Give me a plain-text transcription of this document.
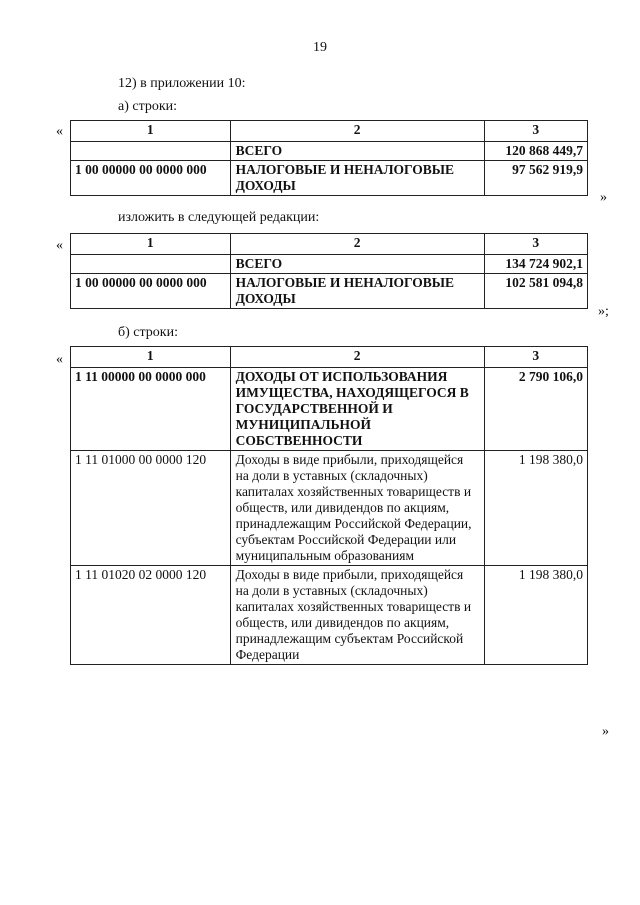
19
12) в приложении 10:
а) строки:
«	1	2	3
	ВСЕГО	120 868 449,7
1 00 00000 00 0000 000	НАЛОГОВЫЕ И НЕНАЛОГОВЫЕ ДОХОДЫ	97 562 919,9
»
изложить в следующей редакции:
«	1	2	3
	ВСЕГО	134 724 902,1
1 00 00000 00 0000 000	НАЛОГОВЫЕ И НЕНАЛОГОВЫЕ ДОХОДЫ	102 581 094,8
»;
б) строки:
«	1	2	3
1 11 00000 00 0000 000	ДОХОДЫ ОТ ИСПОЛЬЗОВАНИЯ ИМУЩЕСТВА, НАХОДЯЩЕГОСЯ В ГОСУДАРСТВЕННОЙ И МУНИЦИПАЛЬНОЙ СОБСТВЕННОСТИ	2 790 106,0
1 11 01000 00 0000 120	Доходы в виде прибыли, приходящейся на доли в уставных (складочных) капиталах хозяйственных товариществ и обществ, или дивидендов по акциям, принадлежащим Российской Федерации, субъектам Российской Федерации или муниципальным образованиям	1 198 380,0
1 11 01020 02 0000 120	Доходы в виде прибыли, приходящейся на доли в уставных (складочных) капиталах хозяйственных товариществ и обществ, или дивидендов по акциям, принадлежащим субъектам Российской Федерации	1 198 380,0
»
